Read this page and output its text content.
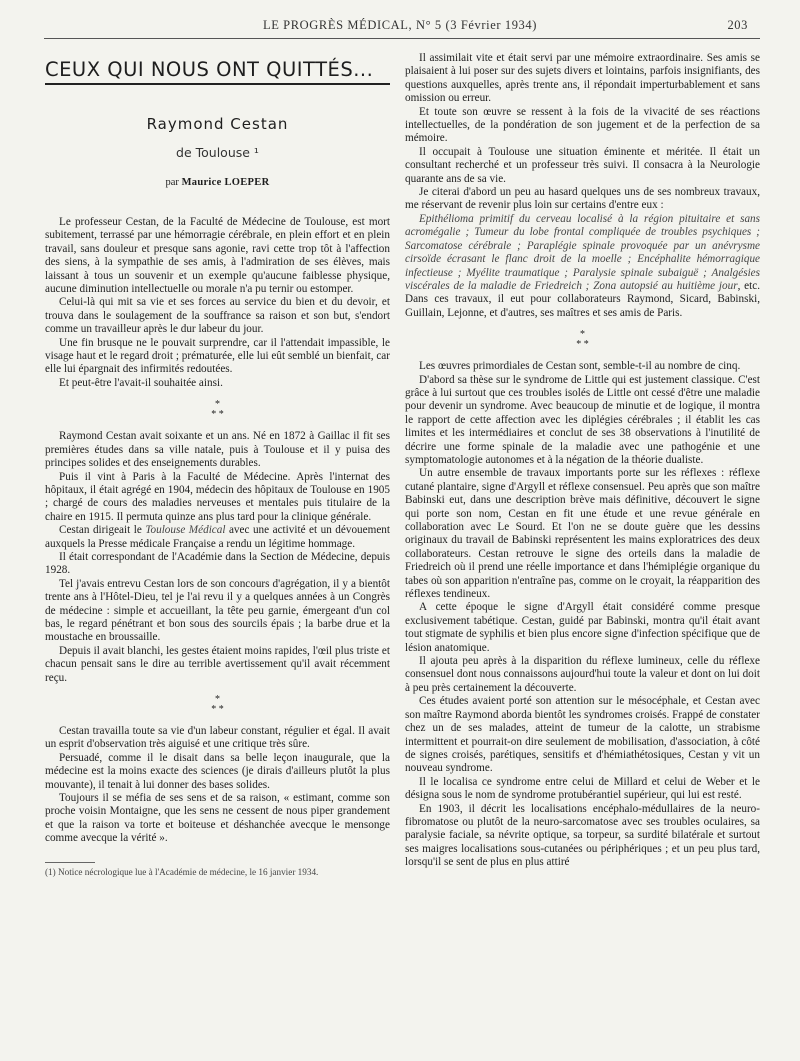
LE PROGRÈS MÉDICAL, N° 5 (3 Février 1934)	203
CEUX QUI NOUS ONT QUITTÉS...
Raymond Cestan
de Toulouse ¹
par Maurice LOEPER

Le professeur Cestan, de la Faculté de Médecine de Toulouse, est mort subitement, terrassé par une hémorragie cérébrale, en plein effort et en plein travail, sans douleur et presque sans agonie, ravi cette trop tôt à l'affection des siens, à la sympathie de ses amis, à l'admiration de ses élèves, mais laissant à tous un souvenir et un exemple qu'aucune faiblesse physique, aucune diminution intellectuelle ou morale n'a pu ternir ou estomper.

Celui-là qui mit sa vie et ses forces au service du bien et du devoir, et trouva dans le soulagement de la souffrance sa raison et son but, s'endort comme un travailleur après le dur labeur du jour.

Une fin brusque ne le pouvait surprendre, car il l'attendait impassible, le visage haut et le regard droit ; prématurée, elle lui eût semblé un bienfait, car elle lui épargnait des infirmités redoutées.

Et peut-être l'avait-il souhaitée ainsi.

*
* *

Raymond Cestan avait soixante et un ans. Né en 1872 à Gaillac il fit ses premières études dans sa ville natale, puis à Toulouse et il y puisa des principes solides et des enseignements durables.

Puis il vint à Paris à la Faculté de Médecine. Après l'internat des hôpitaux, il était agrégé en 1904, médecin des hôpitaux de Toulouse en 1905 ; chargé de cours des maladies nerveuses et mentales puis titulaire de la chaire en 1915. Il permuta quinze ans plus tard pour la clinique générale.

Cestan dirigeait le Toulouse Médical avec une activité et un dévouement auxquels la Presse médicale Française a rendu un légitime hommage.

Il était correspondant de l'Académie dans la Section de Médecine, depuis 1928.

Tel j'avais entrevu Cestan lors de son concours d'agrégation, il y a bientôt trente ans à l'Hôtel-Dieu, tel je l'ai revu il y a quelques années à un Congrès de médecine : simple et accueillant, la tête peu garnie, émergeant d'un col bas, le regard pénétrant et bon sous des sourcils épais ; la barbe drue et la moustache en broussaille.

Depuis il avait blanchi, les gestes étaient moins rapides, l'œil plus triste et chacun pensait sans le dire au terrible avertissement qu'il avait récemment reçu.

*
* *

Cestan travailla toute sa vie d'un labeur constant, régulier et égal. Il avait un esprit d'observation très aiguisé et une critique très sûre.

Persuadé, comme il le disait dans sa belle leçon inaugurale, que la médecine est la moins exacte des sciences (je dirais d'ailleurs plutôt la plus mouvante), il tenait à lui donner des bases solides.

Toujours il se méfia de ses sens et de sa raison, « estimant, comme son proche voisin Montaigne, que les sens ne cessent de nous piper grandement et que la raison va torte et boiteuse et déshanchée avecque le mensonge comme avecque la vérité ».

(1) Notice nécrologique lue à l'Académie de médecine, le 16 janvier 1934.

Il assimilait vite et était servi par une mémoire extraordinaire. Ses amis se plaisaient à lui poser sur des sujets divers et lointains, parfois insignifiants, des questions auxquelles, après trente ans, il répondait imperturbablement et sans omission ou erreur.

Et toute son œuvre se ressent à la fois de la vivacité de ses réactions intellectuelles, de la pondération de son jugement et de la perfection de sa mémoire.

Il occupait à Toulouse une situation éminente et méritée. Il était un consultant recherché et un professeur très suivi. Il consacra à la Neurologie quarante ans de sa vie.

Je citerai d'abord un peu au hasard quelques uns de ses nombreux travaux, me réservant de revenir plus loin sur certains d'entre eux :

Epithélioma primitif du cerveau localisé à la région pituitaire et sans acromégalie ; Tumeur du lobe frontal compliquée de troubles psychiques ; Sarcomatose cérébrale ; Paraplégie spinale provoquée par un anévrysme cirsoïde écrasant le flanc droit de la moelle ; Encéphalite hémorragique infectieuse ; Myélite traumatique ; Paralysie spinale subaiguë ; Analgésies viscérales de la maladie de Friedreich ; Zona autopsié au huitième jour, etc. Dans ces travaux, il eut pour collaborateurs Raymond, Sicard, Babinski, Guillain, Lejonne, et d'autres, ses maîtres et ses amis de Paris.

*
* *

Les œuvres primordiales de Cestan sont, semble-t-il au nombre de cinq.

D'abord sa thèse sur le syndrome de Little qui est justement classique. C'est grâce à lui surtout que ces troubles isolés de Little ont cessé d'être une maladie pour devenir un syndrome. Avec beaucoup de minutie et de logique, il montra le rapport de cette affection avec les diplégies cérébrales ; il établit les cas limites et les intermédiaires et conclut de ses 38 observations à l'inutilité de décrire une forme spinale de la maladie avec une pathogénie et une symptomatologie autonomes et à la négation de la théorie dualiste.

Un autre ensemble de travaux importants porte sur les réflexes : réflexe cutané plantaire, signe d'Argyll et réflexe consensuel. Peu après que son maître Babinski eut, dans une description brève mais définitive, découvert le signe qui porte son nom, Cestan en fit une étude et une revue générale en collaboration avec Le Sourd. Et l'on ne se doute guère que les dessins originaux du travail de Babinski représentent les mains exploratrices des deux collaborateurs. Cestan retrouve le signe des orteils dans la maladie de Friedreich où il prend une réelle importance et dans l'hémiplégie organique du tabes où son apparition n'entraîne pas, comme on le croyait, la réapparition des réflexes tendineux.

A cette époque le signe d'Argyll était considéré comme presque exclusivement tabétique. Cestan, guidé par Babinski, montra qu'il était avant tout stigmate de syphilis et bien plus encore signe d'infection spécifique que de lésion anatomique.

Il ajouta peu après à la disparition du réflexe lumineux, celle du réflexe consensuel dont nous connaissons aujourd'hui toute la valeur et dont on lui doit à peu près certainement la découverte.

Ces études avaient porté son attention sur le mésocéphale, et Cestan avec son maître Raymond aborda bientôt les syndromes croisés. Frappé de constater chez un de ses malades, atteint de tumeur de la calotte, un strabisme intermittent et pourrait-on dire seulement de mobilisation, d'association, à côté de signes croisés, parétiques, sensitifs et d'hémiathétosiques, Cestan y vit un nouveau syndrome.

Il le localisa ce syndrome entre celui de Millard et celui de Weber et le désigna sous le nom de syndrome protubérantiel supérieur, qui lui est resté.

En 1903, il décrit les localisations encéphalo-médullaires de la neuro-fibromatose ou plutôt de la neuro-sarcomatose avec ses troubles oculaires, sa paralysie faciale, sa névrite optique, sa torpeur, sa surdité bilatérale et surtout ses maigres localisations sous-cutanées ou périphériques ; et un peu plus tard, lorsqu'il se sent de plus en plus attiré
